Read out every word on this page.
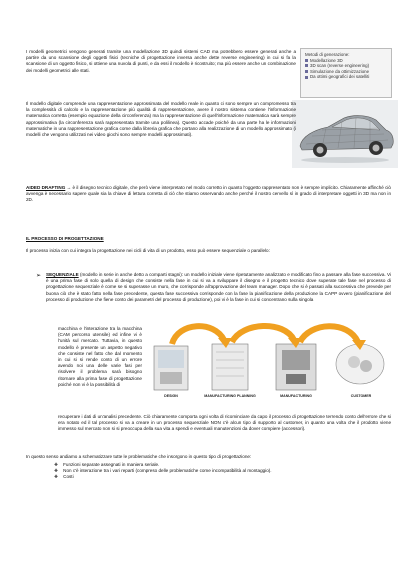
I modelli geometrici vengono generati tramite una modellazione 3D quindi sistemi CAD ma potrebbero essere generati anche a partire da uno scansione degli oggetti fisici (tecniche di progettazione inversa anche dette reverse engineering) in cui si fa la scansione di un oggetto fisico, si ottiene una nuvola di punti, e da essi il modello è ricostruito; ma più essere anche un combinazione dei modelli geometrici alle stati.

Metodi di generazione:
Modellazione 3D
3D scan (reverse engineering)
Simulazione da ottimizzazione
Da ottimi geografici dei satelliti

Il modello digitale comprende una rappresentazione approssimata del modello reale in quanto ci sono sempre un compromesso tra la complessità di calcolo e la rappresentazione più qualità di rappresentazione, avere il nostro sistema contiene l'informazione matematica corretta (esempio equazione della circonferenza) ma la rappresentazione di quell'informazione matematica sarà sempre approssimativa (la circonferenza sarà rappresentata tramite una polilinea). Questo accade poiché da una parte ha le informazioni matematiche in una rappresentazione grafica come dalla libreria grafica che portano alla realizzazione di un modello approssimato (i modelli che vengono utilizzati nei video giochi sono sempre modelli approssimati).

AIDED DRAFTING → è il disegno tecnico digitale, che però viene interpretato nel modo corretto in quanto l'oggetto rappresentato non è sempre implicito. Chiaramente affinché ciò avvenga è necessario sapere quale sia la chiave di lettura corretta di ciò che stiamo osservando anche perché il nostro cervello sì in grado di interpretare oggetti in 3D ma non in 2D.

IL PROCESSO DI PROGETTAZIONE

Il processo inizia con cui integra la progettazione nei cicli di vita di un prodotto, esso può essere sequenziale o parallelo:

➢ SEQUENZIALE (modello in serie in anche detto a comparti stagni): un modello iniziale viene ripetutamente analizzato e modificato fino a passare alla fase successiva. Vi è una prima fase di solo quella di design che consiste nella fase in cui si va a sviluppare il disegno e il progetto tecnico dove superate tale fase nel processo di progettazione sequenziale è come se si superasse un muro, che corrisponde all'approvazione del team manager. Dopo che si è passati alla successiva che prevede per buona ciò che è stato fatto nella fase precedente, questa fase successiva corrisponde con la fase la pianificazione della produzione la CAPP ovvero (pianificazione del processo di produzione che fiene conto dei parametri del processo di produzione), poi vi è la fase in cui si concentrano sulla singola

macchina e l'interazione tra la macchina (CAM percorso utensile) ed infine vi è l'unità sul mercato. Tuttavia, in questo modello è presente un aspetto negativo che consiste nel fatto che dal momento in cui si si rende conto di un errore avendo noi una delle varie fasi per risolvere il problema sarà bisogno ritornare alla prima fase di progettazione poiché non vi è la possibilità di

DESIGN	MANUFACTURING PLANNING	MANUFACTURING	CUSTOMER

recuperare i dati di un'analisi precedente. Ciò chiaramente comporta ogni volta di ricominciare da capo il processo di progettazione terrendo conto dell'errore che si era notato ed il tal processo si va a creare in un processo sequenziale NON c'è alcun tipo di supporto al customer, in quanto una volta che il prodotto viene immesso sul mercato non si si preoccupa della sua vita a spendi e eventuali manutenzioni da dover compiere (accessori).

In questo senso andiamo a schematizzare tutte le problematiche che insorgono in questo tipo di progettazione:

❖ Funzioni separate assegnati in maniera seriale.
❖ Non c'è interazione tra i vari reparti (compreso delle problematiche come incompatibilità al montaggio).
❖ Costi
